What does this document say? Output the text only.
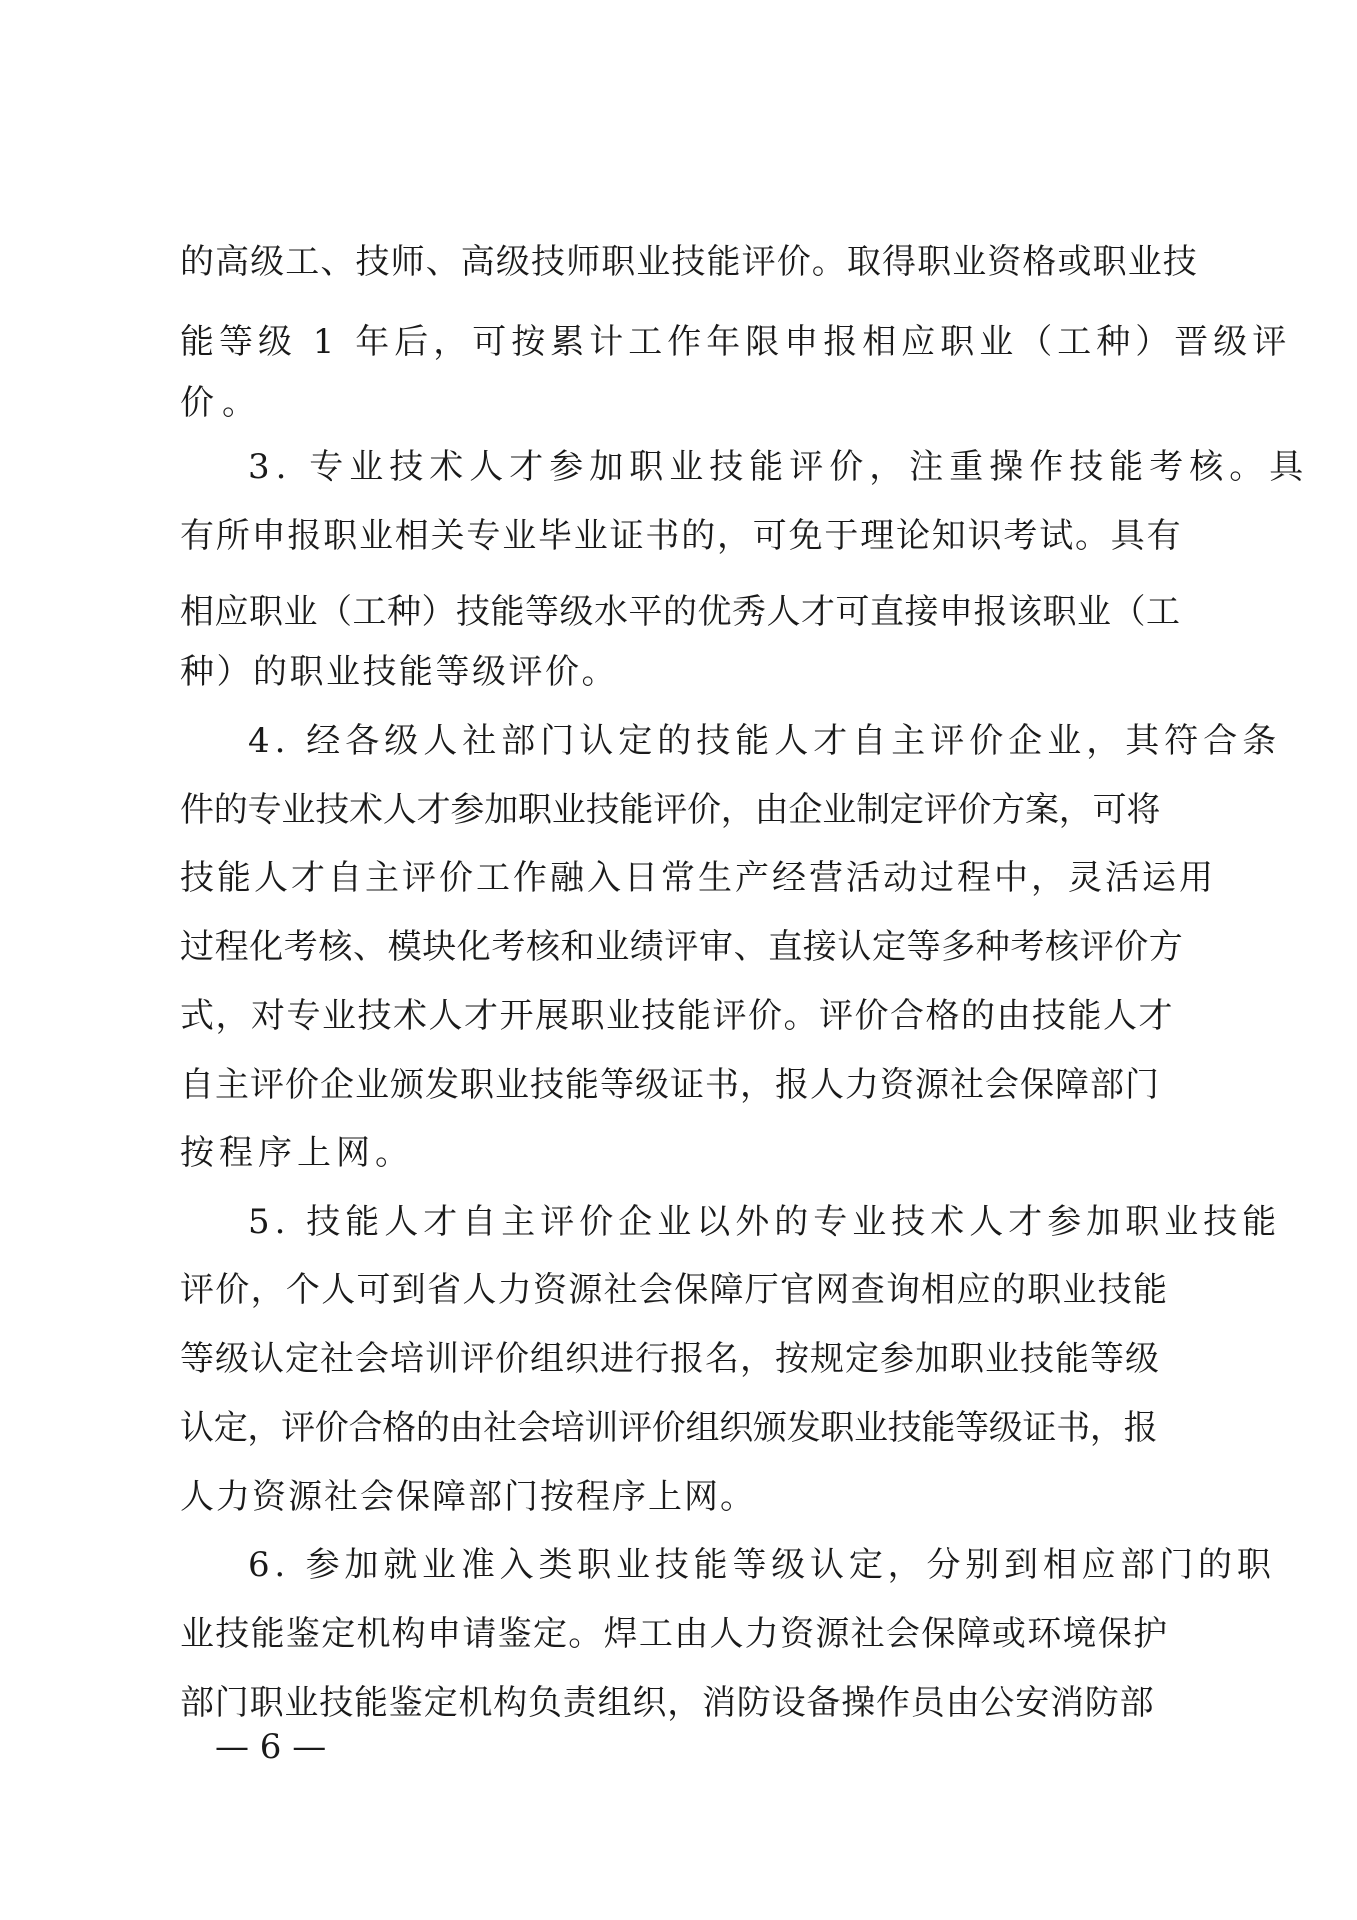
的高级工、技师、高级技师职业技能评价。取得职业资格或职业技
能等级 1 年后，可按累计工作年限申报相应职业（工种）晋级评
价。
3. 专业技术人才参加职业技能评价，注重操作技能考核。具
有所申报职业相关专业毕业证书的，可免于理论知识考试。具有
相应职业（工种）技能等级水平的优秀人才可直接申报该职业（工
种）的职业技能等级评价。
4. 经各级人社部门认定的技能人才自主评价企业，其符合条
件的专业技术人才参加职业技能评价，由企业制定评价方案，可将
技能人才自主评价工作融入日常生产经营活动过程中，灵活运用
过程化考核、模块化考核和业绩评审、直接认定等多种考核评价方
式，对专业技术人才开展职业技能评价。评价合格的由技能人才
自主评价企业颁发职业技能等级证书，报人力资源社会保障部门
按程序上网。
5. 技能人才自主评价企业以外的专业技术人才参加职业技能
评价，个人可到省人力资源社会保障厅官网查询相应的职业技能
等级认定社会培训评价组织进行报名，按规定参加职业技能等级
认定，评价合格的由社会培训评价组织颁发职业技能等级证书，报
人力资源社会保障部门按程序上网。
6. 参加就业准入类职业技能等级认定，分别到相应部门的职
业技能鉴定机构申请鉴定。焊工由人力资源社会保障或环境保护
部门职业技能鉴定机构负责组织，消防设备操作员由公安消防部
— 6 —
